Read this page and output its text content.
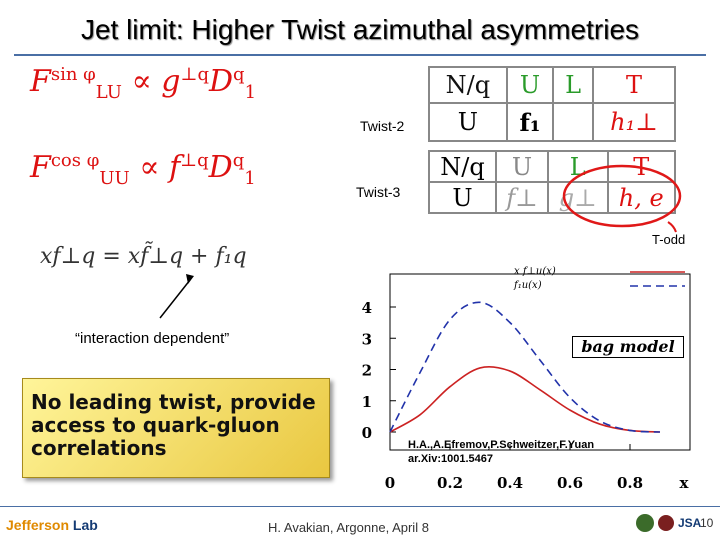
Jet limit: Higher Twist azimuthal asymmetries
$F^{sin \varphi}_{LU} \propto g^{\perp q}D^q_1$
$F^{cos \varphi}_{UU} \propto f^{\perp q}D^q_1$
xf⊥q = xf̃⊥q + f₁q
Twist-2
N/q	U	L	T
U	f₁		h₁⊥
Twist-3
N/q	U	L	T
U	f⊥	g⊥	h, e
T-odd
“interaction dependent”
No leading twist, provide access to quark-gluon correlations
0
1
2
3
4
0	0.2 0.4 0.6 0.8 x
bag model
x f⊥u(x)
f₁u(x)
H.A.,A.Efremov,P.Schweitzer,F.Yuan
ar.Xiv:1001.5467
Jefferson Lab	H. Avakian, Argonne, April 8	JSA
10
